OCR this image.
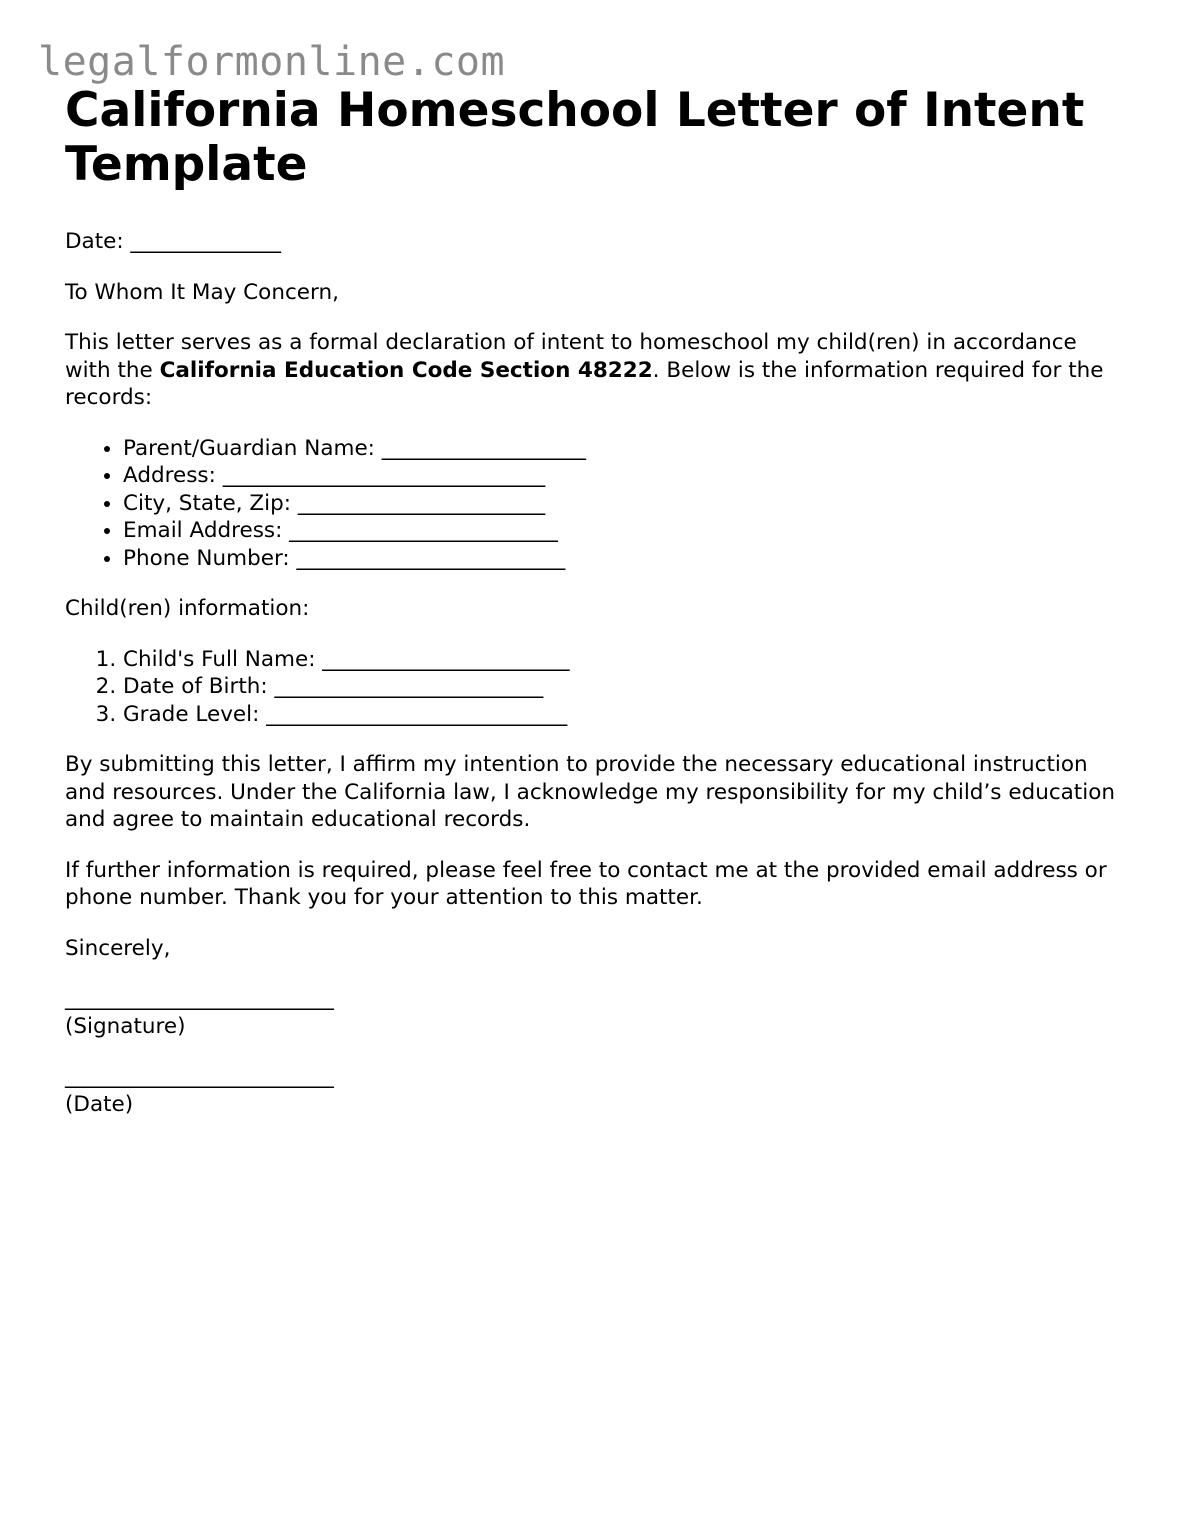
legalformonline.com
California Homeschool Letter of Intent Template

Date: ______________

To Whom It May Concern,

This letter serves as a formal declaration of intent to homeschool my child(ren) in accordance with the California Education Code Section 48222. Below is the information required for the records:

• Parent/Guardian Name: ___________________
• Address: ______________________________
• City, State, Zip: _______________________
• Email Address: _________________________
• Phone Number: _________________________

Child(ren) information:

1. Child's Full Name: _______________________
2. Date of Birth: _________________________
3. Grade Level: ____________________________

By submitting this letter, I affirm my intention to provide the necessary educational instruction and resources. Under the California law, I acknowledge my responsibility for my child’s education and agree to maintain educational records.

If further information is required, please feel free to contact me at the provided email address or phone number. Thank you for your attention to this matter.

Sincerely,

_________________________
(Signature)

_________________________
(Date)
